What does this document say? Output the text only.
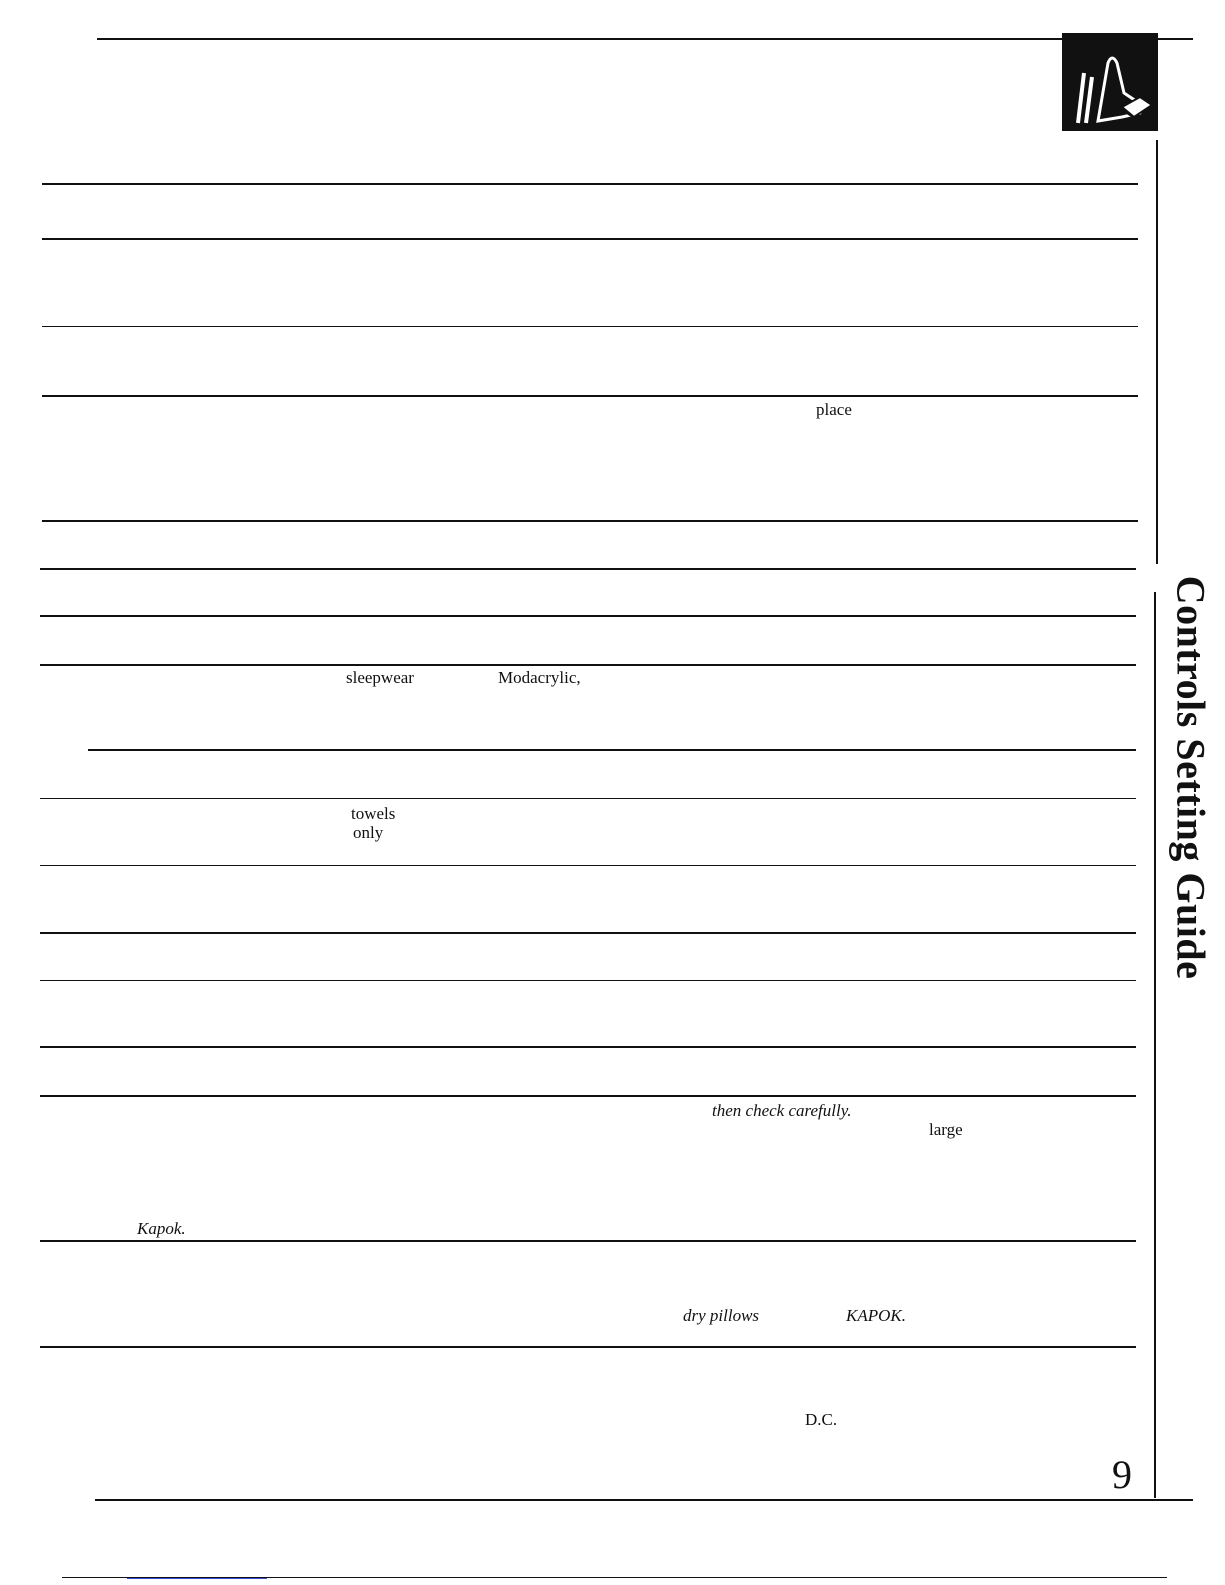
place
sleepwear	Modacrylic,
towels
only
then check carefully.
large
Kapok.
dry pillows	KAPOK.
D.C.
Controls Setting Guide
9
